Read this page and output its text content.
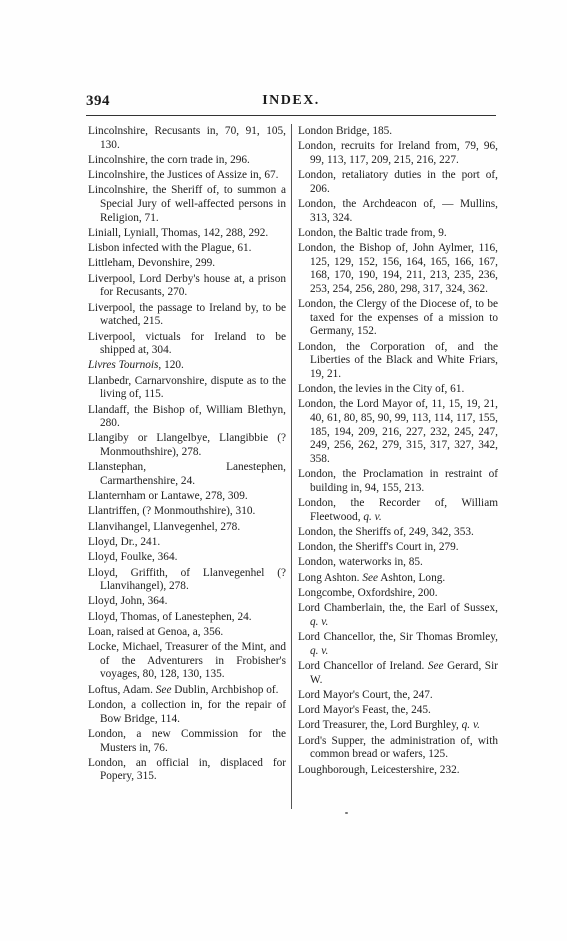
394	INDEX.
Lincolnshire, Recusants in, 70, 91, 105, 130.
Lincolnshire, the corn trade in, 296.
Lincolnshire, the Justices of Assize in, 67.
Lincolnshire, the Sheriff of, to summon a Special Jury of well-affected persons in Religion, 71.
Liniall, Lyniall, Thomas, 142, 288, 292.
Lisbon infected with the Plague, 61.
Littleham, Devonshire, 299.
Liverpool, Lord Derby's house at, a prison for Recusants, 270.
Liverpool, the passage to Ireland by, to be watched, 215.
Liverpool, victuals for Ireland to be shipped at, 304.
Livres Tournois, 120.
Llanbedr, Carnarvonshire, dispute as to the living of, 115.
Llandaff, the Bishop of, William Blethyn, 280.
Llangiby or Llangelbye, Llangibbie (? Monmouthshire), 278.
Llanstephan, Lanestephen, Carmarthenshire, 24.
Llanternham or Lantawe, 278, 309.
Llantriffen, (? Monmouthshire), 310.
Llanvihangel, Llanvegenhel, 278.
Lloyd, Dr., 241.
Lloyd, Foulke, 364.
Lloyd, Griffith, of Llanvegenhel (? Llanvihangel), 278.
Lloyd, John, 364.
Lloyd, Thomas, of Lanestephen, 24.
Loan, raised at Genoa, a, 356.
Locke, Michael, Treasurer of the Mint, and of the Adventurers in Frobisher's voyages, 80, 128, 130, 135.
Loftus, Adam. See Dublin, Archbishop of.
London, a collection in, for the repair of Bow Bridge, 114.
London, a new Commission for the Musters in, 76.
London, an official in, displaced for Popery, 315.
London Bridge, 185.
London, recruits for Ireland from, 79, 96, 99, 113, 117, 209, 215, 216, 227.
London, retaliatory duties in the port of, 206.
London, the Archdeacon of, — Mullins, 313, 324.
London, the Baltic trade from, 9.
London, the Bishop of, John Aylmer, 116, 125, 129, 152, 156, 164, 165, 166, 167, 168, 170, 190, 194, 211, 213, 235, 236, 253, 254, 256, 280, 298, 317, 324, 362.
London, the Clergy of the Diocese of, to be taxed for the expenses of a mission to Germany, 152.
London, the Corporation of, and the Liberties of the Black and White Friars, 19, 21.
London, the levies in the City of, 61.
London, the Lord Mayor of, 11, 15, 19, 21, 40, 61, 80, 85, 90, 99, 113, 114, 117, 155, 185, 194, 209, 216, 227, 232, 245, 247, 249, 256, 262, 279, 315, 317, 327, 342, 358.
London, the Proclamation in restraint of building in, 94, 155, 213.
London, the Recorder of, William Fleetwood, q. v.
London, the Sheriffs of, 249, 342, 353.
London, the Sheriff's Court in, 279.
London, waterworks in, 85.
Long Ashton. See Ashton, Long.
Longcombe, Oxfordshire, 200.
Lord Chamberlain, the, the Earl of Sussex, q. v.
Lord Chancellor, the, Sir Thomas Bromley, q. v.
Lord Chancellor of Ireland. See Gerard, Sir W.
Lord Mayor's Court, the, 247.
Lord Mayor's Feast, the, 245.
Lord Treasurer, the, Lord Burghley, q. v.
Lord's Supper, the administration of, with common bread or wafers, 125.
Loughborough, Leicestershire, 232.
